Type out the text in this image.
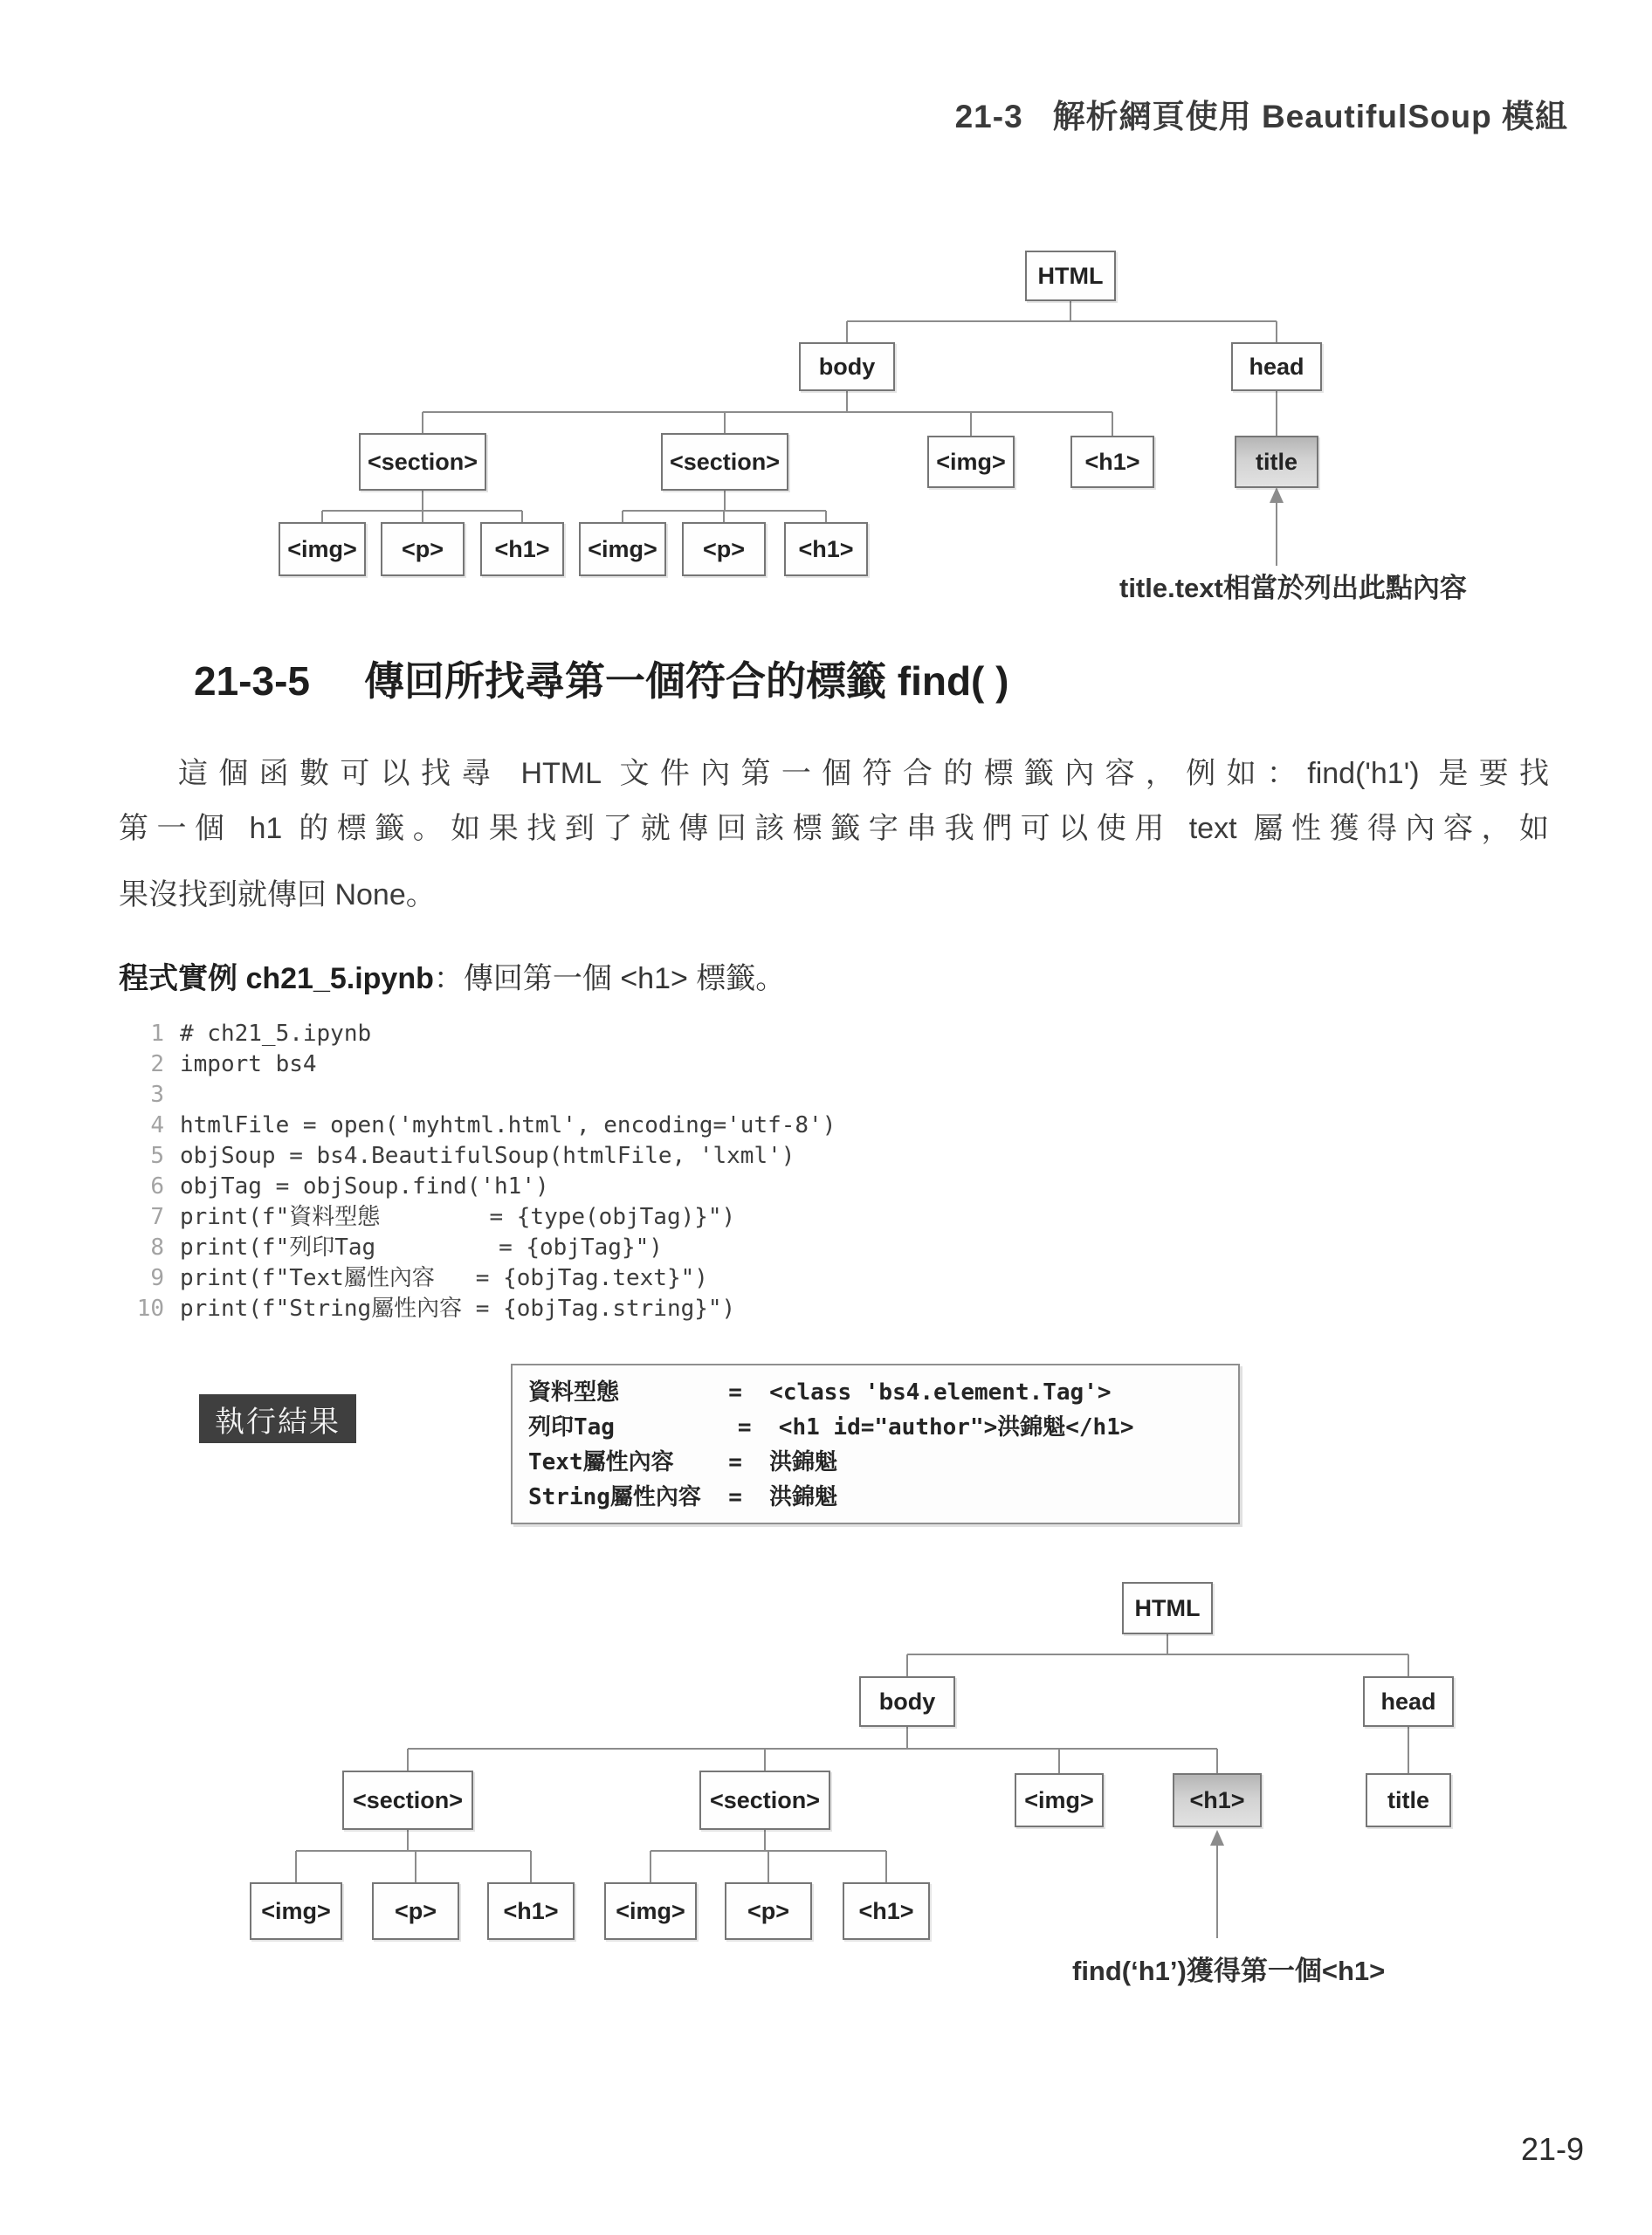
21-3 解析網頁使用 BeautifulSoup 模組
HTML
body	head
<section>	<section>	<img>	<h1>	title
<img>	<p>	<h1>	<img>	<p>	<h1>
title.text相當於列出此點內容
21-3-5 傳回所找尋第一個符合的標籤 find( )
這個函數可以找尋 HTML 文件內第一個符合的標籤內容，例如：find('h1') 是要找
第一個 h1 的標籤。如果找到了就傳回該標籤字串我們可以使用 text 屬性獲得內容，如
果沒找到就傳回 None。
程式實例 ch21_5.ipynb：傳回第一個 <h1> 標籤。
1 # ch21_5.ipynb
2 import bs4
3
4 htmlFile = open('myhtml.html', encoding='utf-8')
5 objSoup = bs4.BeautifulSoup(htmlFile, 'lxml')
6 objTag = objSoup.find('h1')
7 print(f"資料型態        = {type(objTag)}")
8 print(f"列印Tag         = {objTag}")
9 print(f"Text屬性內容   = {objTag.text}")
10 print(f"String屬性內容 = {objTag.string}")
執行結果
資料型態        =  <class 'bs4.element.Tag'>
列印Tag         =  <h1 id="author">洪錦魁</h1>
Text屬性內容    =  洪錦魁
String屬性內容  =  洪錦魁
HTML
body	head
<section>	<section>	<img>	<h1>	title
<img>	<p>	<h1>	<img>	<p>	<h1>
find(‘h1’)獲得第一個<h1>
21-9
